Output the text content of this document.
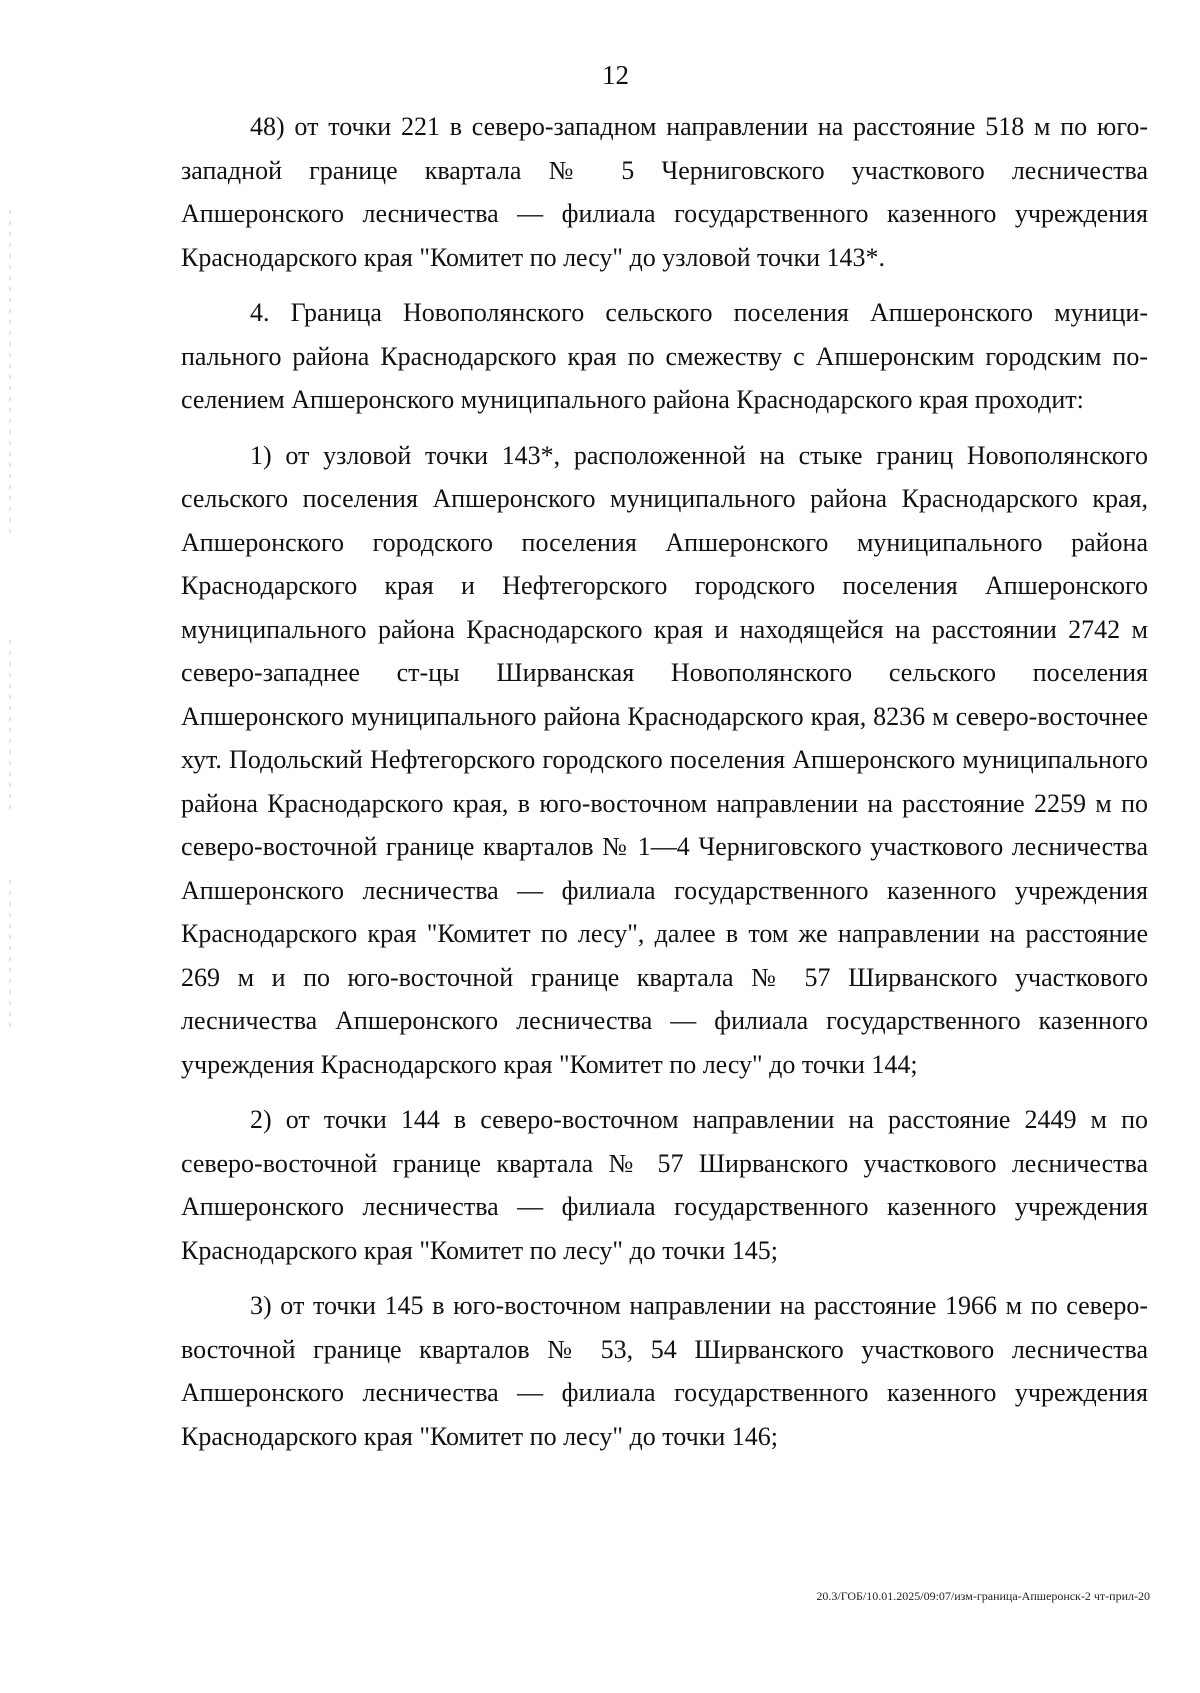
12

48) от точки 221 в северо-западном направлении на расстояние 518 м по юго-западной границе квартала № 5 Черниговского участкового лесничества Апшеронского лесничества — филиала государственного казенного учреждения Краснодарского края "Комитет по лесу" до узловой точки 143*.

4. Граница Новополянского сельского поселения Апшеронского муниципального района Краснодарского края по смежеству с Апшеронским городским поселением Апшеронского муниципального района Краснодарского края проходит:

1) от узловой точки 143*, расположенной на стыке границ Новополянского сельского поселения Апшеронского муниципального района Краснодарского края, Апшеронского городского поселения Апшеронского муниципального района Краснодарского края и Нефтегорского городского поселения Апшеронского муниципального района Краснодарского края и находящейся на расстоянии 2742 м северо-западнее ст-цы Ширванская Новополянского сельского поселения Апшеронского муниципального района Краснодарского края, 8236 м северо-восточнее хут. Подольский Нефтегорского городского поселения Апшеронского муниципального района Краснодарского края, в юго-восточном направлении на расстояние 2259 м по северо-восточной границе кварталов № 1—4 Черниговского участкового лесничества Апшеронского лесничества — филиала государственного казенного учреждения Краснодарского края "Комитет по лесу", далее в том же направлении на расстояние 269 м и по юго-восточной границе квартала № 57 Ширванского участкового лесничества Апшеронского лесничества — филиала государственного казенного учреждения Краснодарского края "Комитет по лесу" до точки 144;

2) от точки 144 в северо-восточном направлении на расстояние 2449 м по северо-восточной границе квартала № 57 Ширванского участкового лесничества Апшеронского лесничества — филиала государственного казенного учреждения Краснодарского края "Комитет по лесу" до точки 145;

3) от точки 145 в юго-восточном направлении на расстояние 1966 м по северо-восточной границе кварталов № 53, 54 Ширванского участкового лесничества Апшеронского лесничества — филиала государственного казенного учреждения Краснодарского края "Комитет по лесу" до точки 146;

20.3/ГОБ/10.01.2025/09:07/изм-граница-Апшеронск-2 чт-прил-20
